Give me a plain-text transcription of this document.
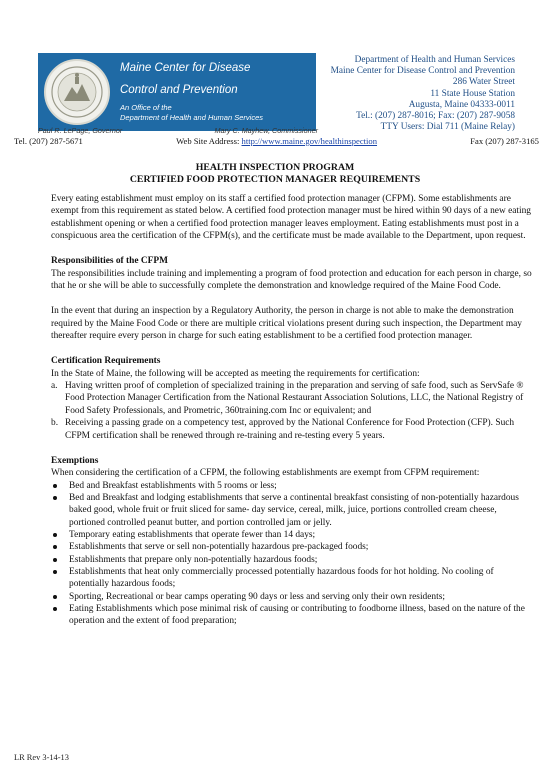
Maine Center for Disease
Control and Prevention
An Office of the
Department of Health and Human Services
Paul R. LePage, Governor	Mary C. Mayhew, Commissioner
Department of Health and Human Services
Maine Center for Disease Control and Prevention
286 Water Street
11 State House Station
Augusta, Maine 04333-0011
Tel.: (207) 287-8016; Fax: (207) 287-9058
TTY Users: Dial 711 (Maine Relay)
Tel. (207) 287-5671	Web Site Address: http://www.maine.gov/healthinspection	Fax (207) 287-3165
HEALTH INSPECTION PROGRAM
CERTIFIED FOOD PROTECTION MANAGER REQUIREMENTS

Every eating establishment must employ on its staff a certified food protection manager (CFPM). Some establishments are exempt from this requirement as stated below. A certified food protection manager must be hired within 90 days of a new eating establishment opening or when a certified food protection manager leaves employment. Eating establishments must post in a conspicuous area the certification of the CFPM(s), and the certificate must be made available to the Department, upon request.

Responsibilities of the CFPM

The responsibilities include training and implementing a program of food protection and education for each person in charge, so that he or she will be able to successfully complete the demonstration and knowledge required of the Maine Food Code.

In the event that during an inspection by a Regulatory Authority, the person in charge is not able to make the demonstration required by the Maine Food Code or there are multiple critical violations present during such inspection, the Department may thereafter require every person in charge for such eating establishment to be a certified food protection manager.

Certification Requirements
In the State of Maine, the following will be accepted as meeting the requirements for certification:
a. Having written proof of completion of specialized training in the preparation and serving of safe food, such as ServSafe ® Food Protection Manager Certification from the National Restaurant Association Solutions, LLC, the National Registry of Food Safety Professionals, and Prometric, 360training.com Inc or equivalent; and
b. Receiving a passing grade on a competency test, approved by the National Conference for Food Protection (CFP). Such CFPM certification shall be renewed through re-training and re-testing every 5 years.
Exemptions
When considering the certification of a CFPM, the following establishments are exempt from CFPM requirement:
Bed and Breakfast establishments with 5 rooms or less;
Bed and Breakfast and lodging establishments that serve a continental breakfast consisting of non-potentially hazardous baked good, whole fruit or fruit sliced for same- day service, cereal, milk, juice, portions controlled cream cheese, portioned controlled peanut butter, and portion controlled jam or jelly.
Temporary eating establishments that operate fewer than 14 days;
Establishments that serve or sell non-potentially hazardous pre-packaged foods;
Establishments that prepare only non-potentially hazardous foods;
Establishments that heat only commercially processed potentially hazardous foods for hot holding. No cooling of potentially hazardous foods;
Sporting, Recreational or bear camps operating 90 days or less and serving only their own residents;
Eating Establishments which pose minimal risk of causing or contributing to foodborne illness, based on the nature of the operation and the extent of food preparation;
LR Rev 3-14-13
